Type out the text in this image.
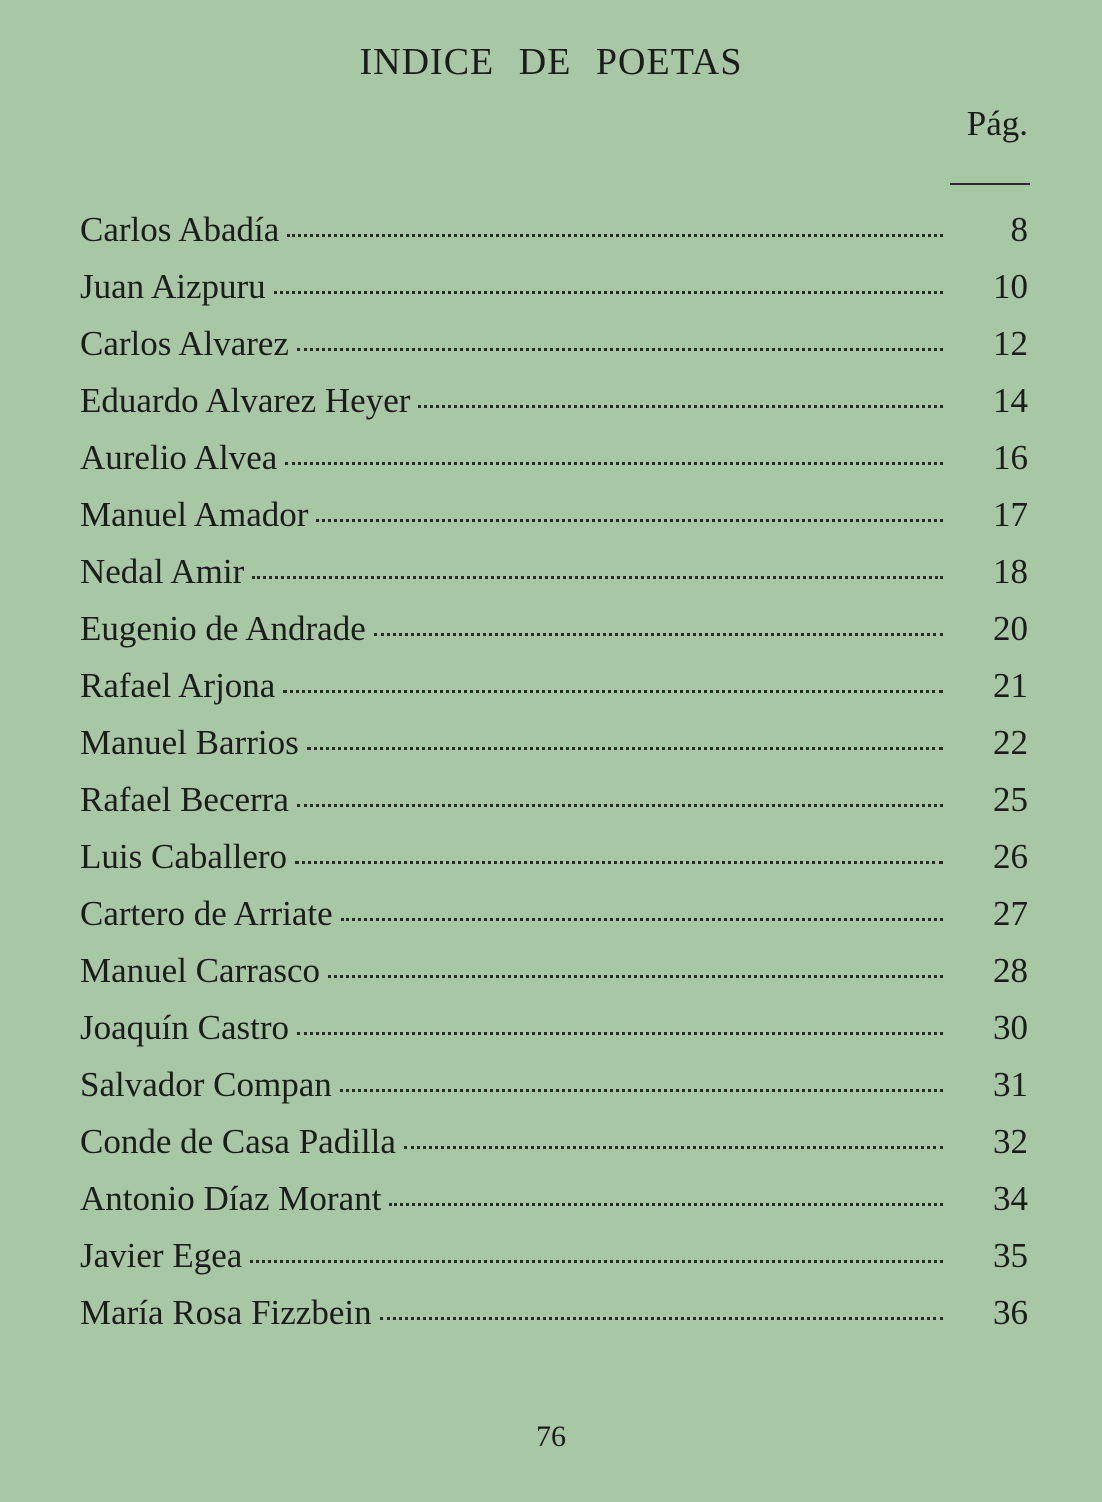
INDICE DE POETAS
Pág.
Carlos Abadía	8
Juan Aizpuru	10
Carlos Alvarez	12
Eduardo Alvarez Heyer	14
Aurelio Alvea	16
Manuel Amador	17
Nedal Amir	18
Eugenio de Andrade	20
Rafael Arjona	21
Manuel Barrios	22
Rafael Becerra	25
Luis Caballero	26
Cartero de Arriate	27
Manuel Carrasco	28
Joaquín Castro	30
Salvador Compan	31
Conde de Casa Padilla	32
Antonio Díaz Morant	34
Javier Egea	35
María Rosa Fizzbein	36
76
